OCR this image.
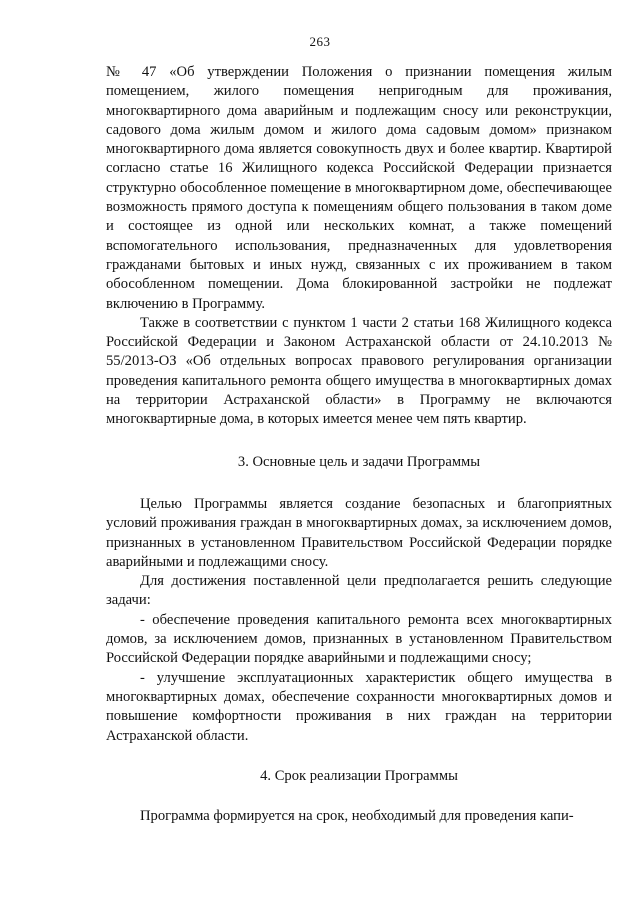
263

№ 47 «Об утверждении Положения о признании помещения жилым помещением, жилого помещения непригодным для проживания, многоквартирного дома аварийным и подлежащим сносу или реконструкции, садового дома жилым домом и жилого дома садовым домом» признаком многоквартирного дома является совокупность двух и более квартир. Квартирой согласно статье 16 Жилищного кодекса Российской Федерации признается структурно обособленное помещение в многоквартирном доме, обеспечивающее возможность прямого доступа к помещениям общего пользования в таком доме и состоящее из одной или нескольких комнат, а также помещений вспомогательного использования, предназначенных для удовлетворения гражданами бытовых и иных нужд, связанных с их проживанием в таком обособленном помещении. Дома блокированной застройки не подлежат включению в Программу.

Также в соответствии с пунктом 1 части 2 статьи 168 Жилищного кодекса Российской Федерации и Законом Астраханской области от 24.10.2013 № 55/2013-ОЗ «Об отдельных вопросах правового регулирования организации проведения капитального ремонта общего имущества в многоквартирных домах на территории Астраханской области» в Программу не включаются многоквартирные дома, в которых имеется менее чем пять квартир.

3. Основные цель и задачи Программы

Целью Программы является создание безопасных и благоприятных условий проживания граждан в многоквартирных домах, за исключением домов, признанных в установленном Правительством Российской Федерации порядке аварийными и подлежащими сносу.

Для достижения поставленной цели предполагается решить следующие задачи:

- обеспечение проведения капитального ремонта всех многоквартирных домов, за исключением домов, признанных в установленном Правительством Российской Федерации порядке аварийными и подлежащими сносу;

- улучшение эксплуатационных характеристик общего имущества в многоквартирных домах, обеспечение сохранности многоквартирных домов и повышение комфортности проживания в них граждан на территории Астраханской области.

4. Срок реализации Программы

Программа формируется на срок, необходимый для проведения капи-
